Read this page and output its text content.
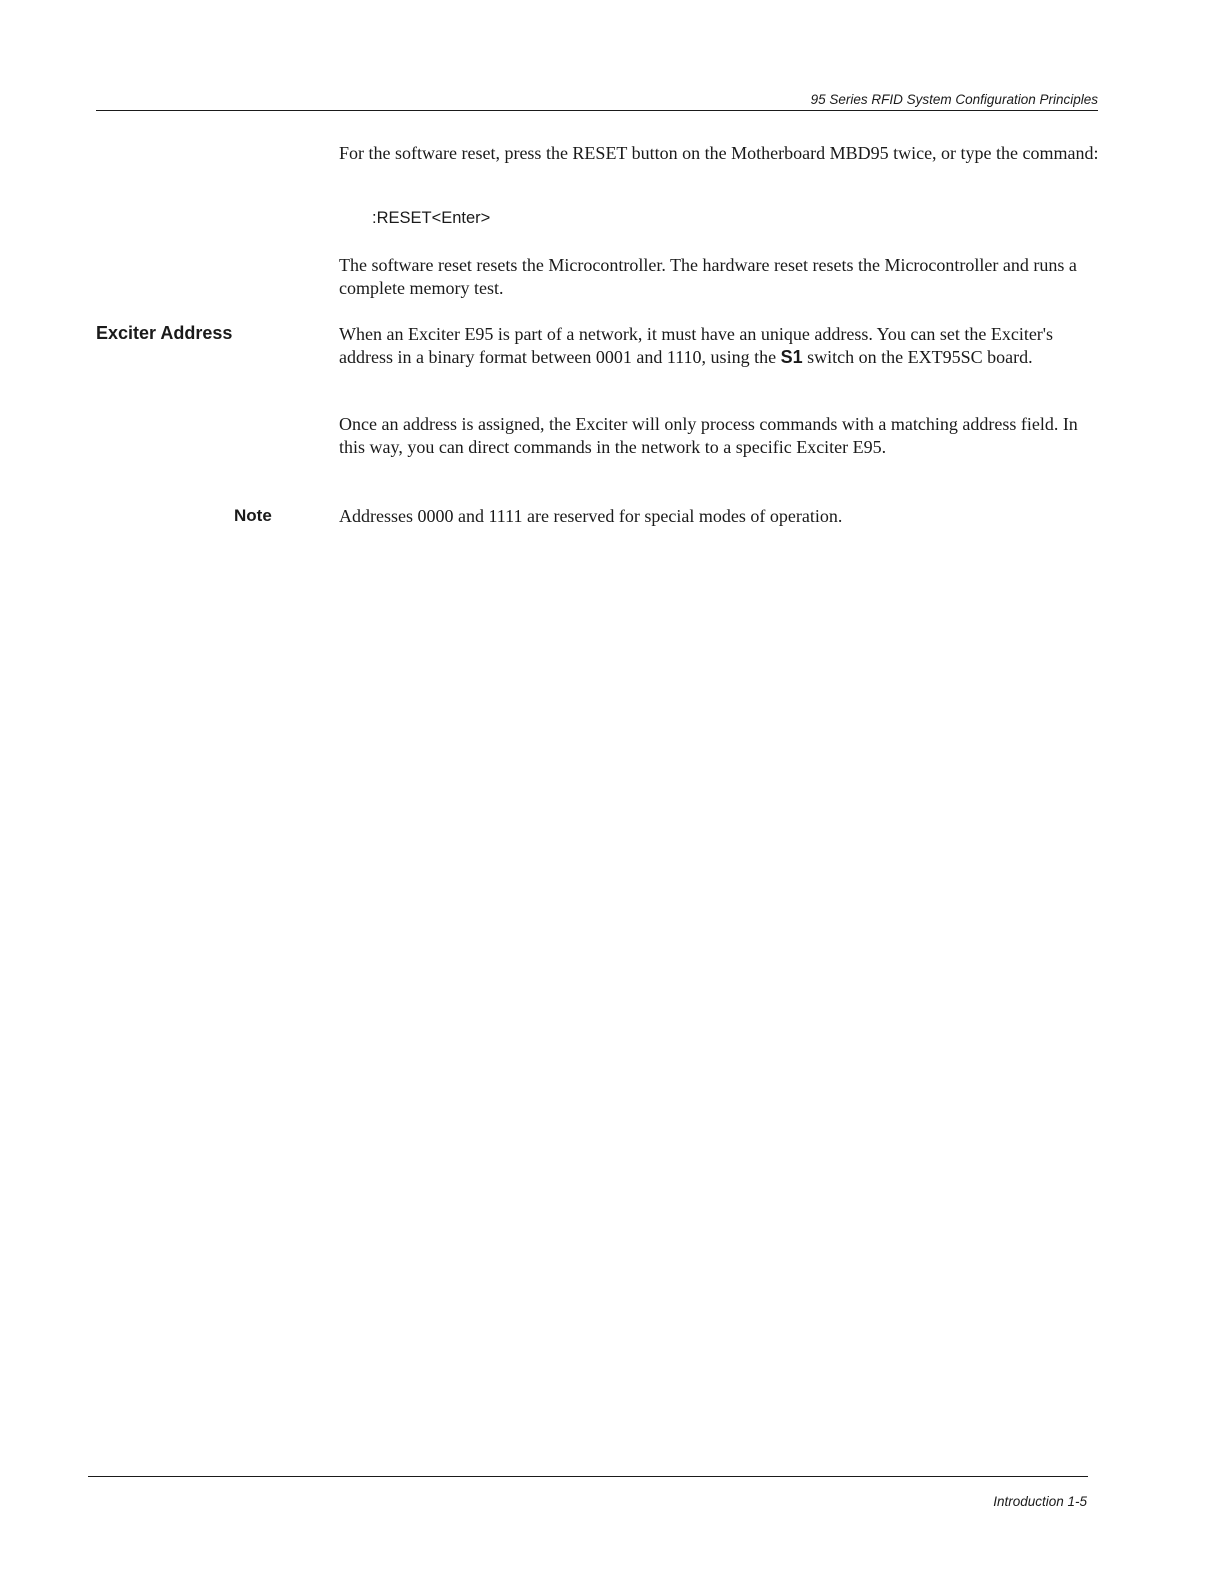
95 Series RFID System Configuration Principles

For the software reset, press the RESET button on the Motherboard MBD95 twice, or type the command:

:RESET<Enter>

The software reset resets the Microcontroller. The hardware reset resets the Microcontroller and runs a complete memory test.

Exciter Address	When an Exciter E95 is part of a network, it must have an unique address. You can set the Exciter's address in a binary format between 0001 and 1110, using the S1 switch on the EXT95SC board.

Once an address is assigned, the Exciter will only process commands with a matching address field. In this way, you can direct commands in the network to a specific Exciter E95.

Note	Addresses 0000 and 1111 are reserved for special modes of operation.

Introduction 1-5
